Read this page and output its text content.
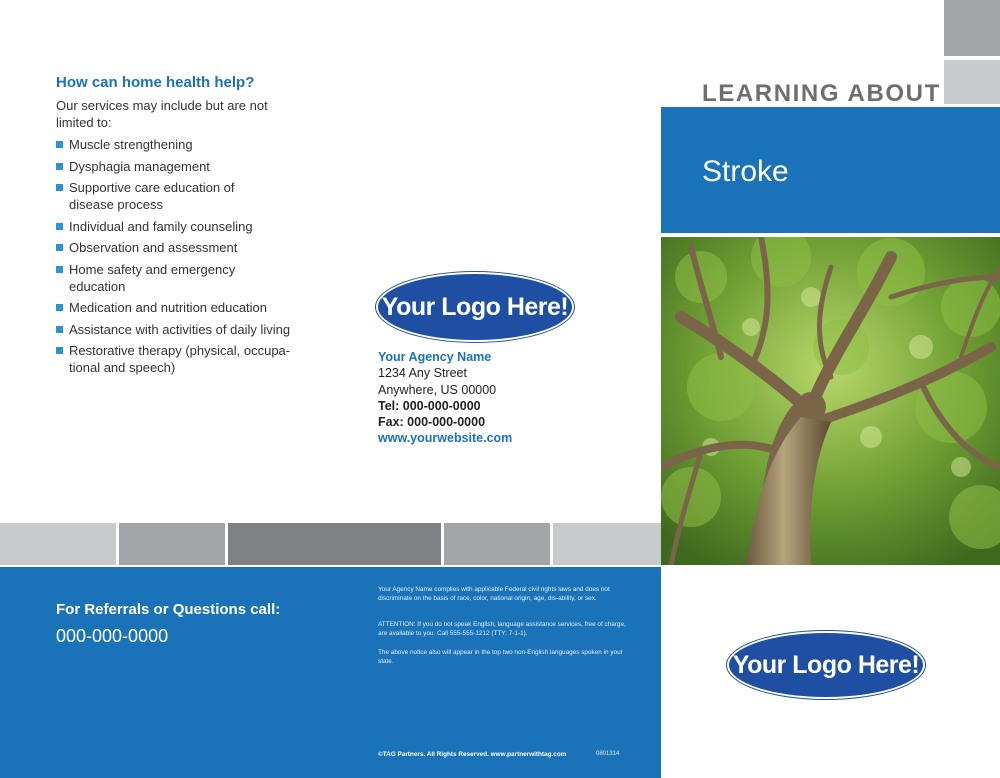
How can home health help?
Our services may include but are not limited to:
Muscle strengthening
Dysphagia management
Supportive care education of
disease process
Individual and family counseling
Observation and assessment
Home safety and emergency
education
Medication and nutrition education
Assistance with activities of daily living
Restorative therapy (physical, occupa-
tional and speech)
Your Logo Here!
Your Agency Name
1234 Any Street
Anywhere, US 00000
Tel: 000-000-0000
Fax: 000-000-0000
www.yourwebsite.com
LEARNING ABOUT
Stroke
For Referrals or Questions call:
000-000-0000
Your Agency Name complies with applicable Federal civil rights laws and does not discriminate on the basis of race, color, national origin, age, dis-ability, or sex.
ATTENTION: If you do not speak English, language assistance services, free of charge, are available to you. Call 555-555-1212 (TTY: 7-1-1).
The above notice also will appear in the top two non-English languages spoken in your state.
©TAG Partners. All Rights Reserved. www.partnerwithtag.com	0801314
Your Logo Here!
